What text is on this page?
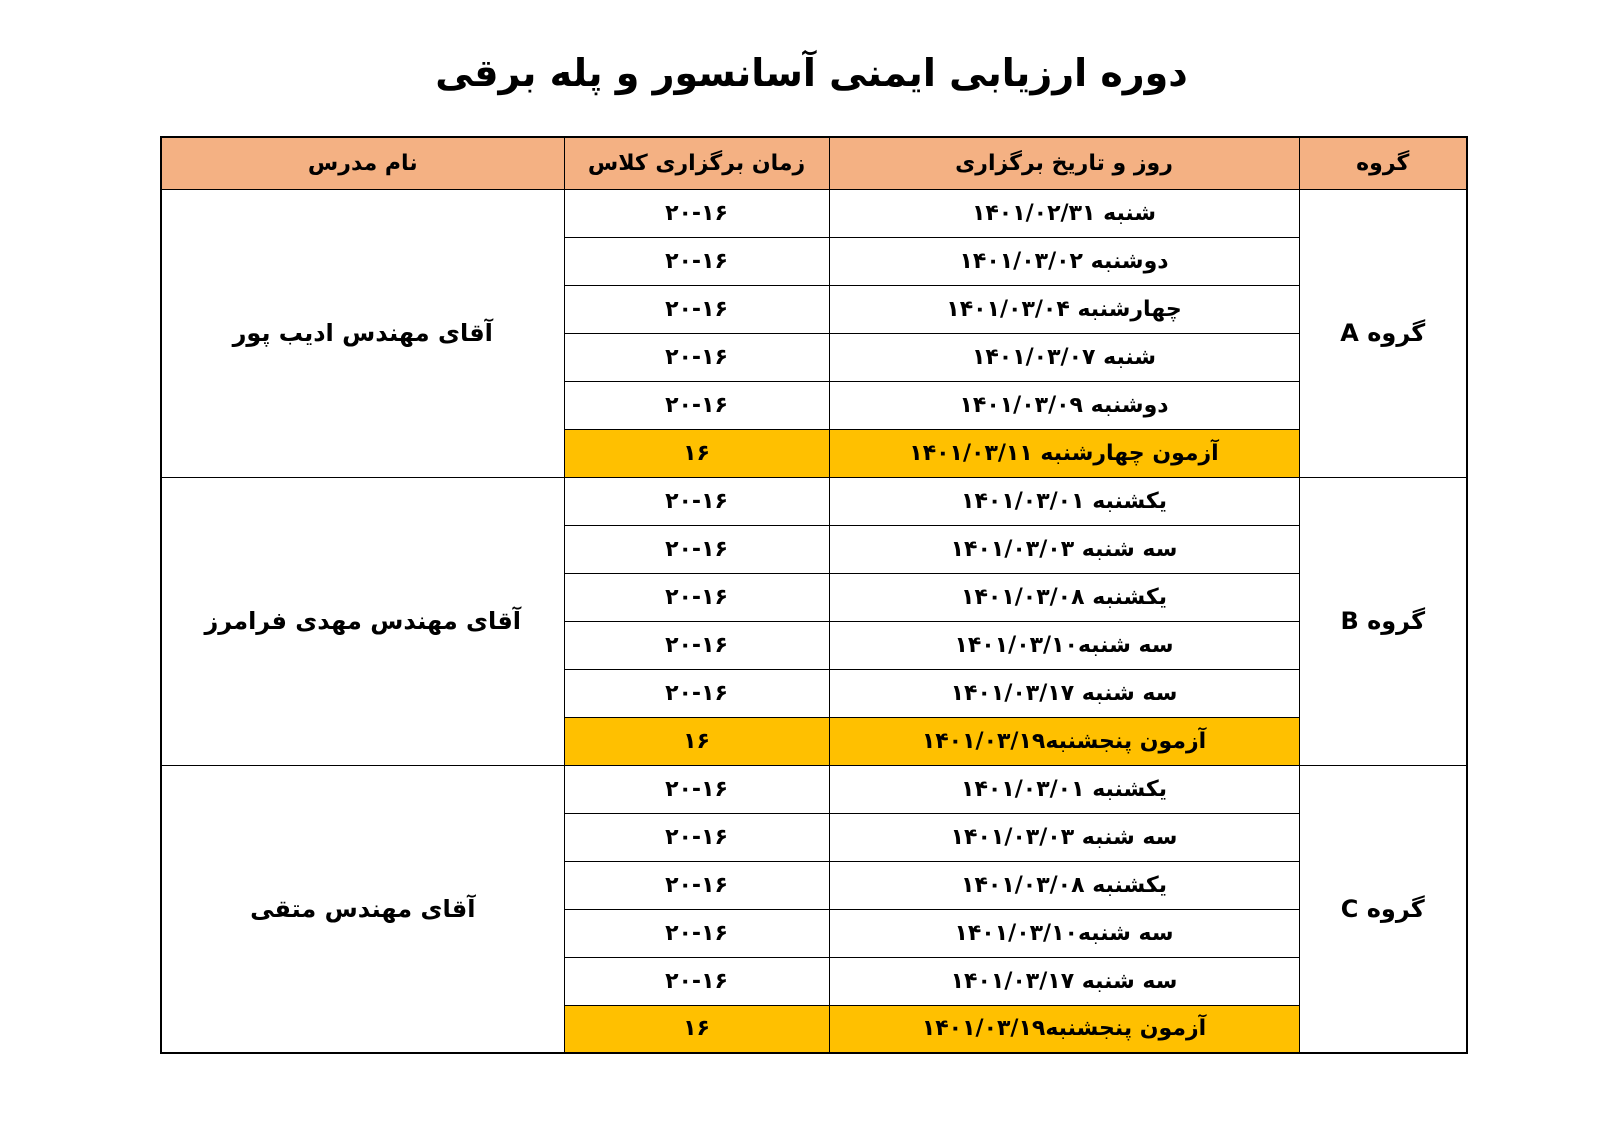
دوره ارزیابی ایمنی آسانسور و پله برقی
گروه	روز و تاریخ برگزاری	زمان برگزاری کلاس	نام مدرس
گروه A	شنبه ۱۴۰۱/۰۲/۳۱	۲۰-۱۶	آقای مهندس ادیب پور
	دوشنبه ۱۴۰۱/۰۳/۰۲	۲۰-۱۶	
	چهارشنبه ۱۴۰۱/۰۳/۰۴	۲۰-۱۶	
	شنبه ۱۴۰۱/۰۳/۰۷	۲۰-۱۶	
	دوشنبه ۱۴۰۱/۰۳/۰۹	۲۰-۱۶	
	آزمون چهارشنبه ۱۴۰۱/۰۳/۱۱	۱۶	
گروه B	یکشنبه ۱۴۰۱/۰۳/۰۱	۲۰-۱۶	آقای مهندس مهدی فرامرز
	سه شنبه ۱۴۰۱/۰۳/۰۳	۲۰-۱۶	
	یکشنبه ۱۴۰۱/۰۳/۰۸	۲۰-۱۶	
	سه شنبه۱۴۰۱/۰۳/۱۰	۲۰-۱۶	
	سه شنبه ۱۴۰۱/۰۳/۱۷	۲۰-۱۶	
	آزمون پنجشنبه۱۴۰۱/۰۳/۱۹	۱۶	
گروه C	یکشنبه ۱۴۰۱/۰۳/۰۱	۲۰-۱۶	آقای مهندس متقی
	سه شنبه ۱۴۰۱/۰۳/۰۳	۲۰-۱۶	
	یکشنبه ۱۴۰۱/۰۳/۰۸	۲۰-۱۶	
	سه شنبه۱۴۰۱/۰۳/۱۰	۲۰-۱۶	
	سه شنبه ۱۴۰۱/۰۳/۱۷	۲۰-۱۶	
	آزمون پنجشنبه۱۴۰۱/۰۳/۱۹	۱۶	
